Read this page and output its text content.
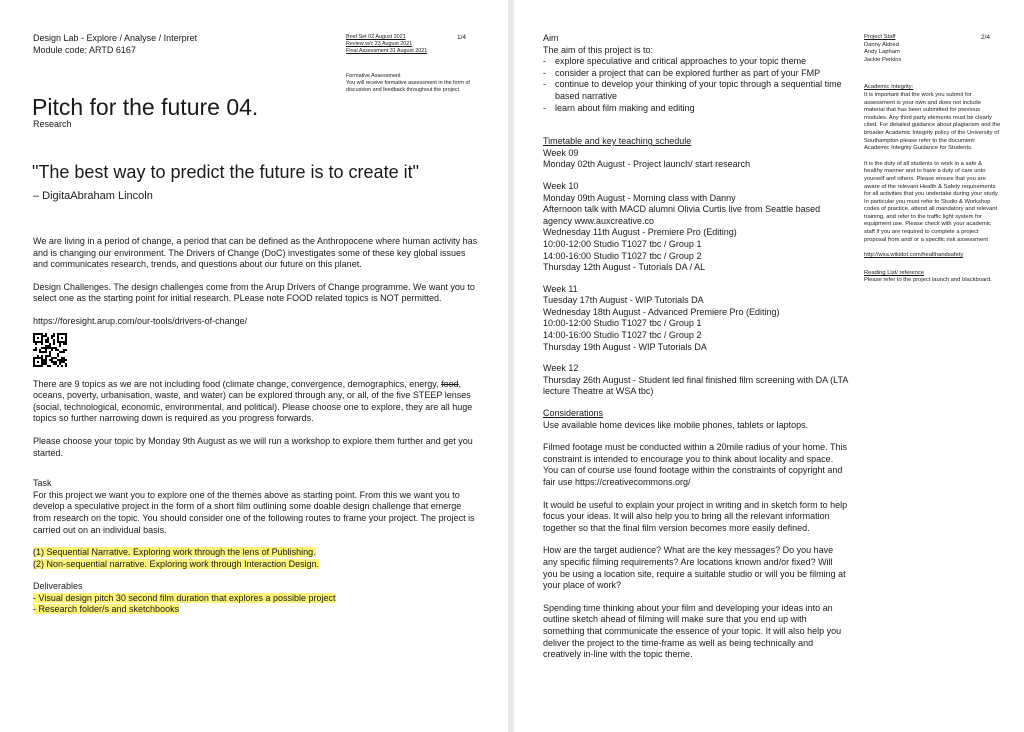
Design Lab - Explore / Analyse / Interpret

Module code: ARTD 6167

Brief Set 02 August 2021

Review w/c 23 August 2021

Final Assessment 31 August 2021

1/4

Formative Assessment

You will receive formative assessment in the form of discussion and feedback throughout the project.

Pitch for the future 04.
Research
"The best way to predict the future is to create it"
– DigitaAbraham Lincoln

We are living in a period of change, a period that can be defined as the Anthropocene where human activity has and is changing our environment. The Drivers of Change (DoC) investigates some of these key global issues and communicates research, trends, and questions about our future on this planet.

Design Challenges. The design challenges come from the Arup Drivers of Change programme. We want you to select one as the starting point for initial research. PLease note FOOD related topics is NOT permitted.

https://foresight.arup.com/our-tools/drivers-of-change/

There are 9 topics as we are not including food (climate change, convergence, demographics, energy, food, oceans, poverty, urbanisation, waste, and water) can be explored through any, or all, of the five STEEP lenses (social, technological, economic, environmental, and political). Please choose one to explore, they are all huge topics so further narrowing down is required as you progress forwards.

Please choose your topic by Monday 9th August as we will run a workshop to explore them further and get you started.

Task

For this project we want you to explore one of the themes above as starting point. From this we want you to develop a speculative project in the form of a short film outlining some doable design challenge that emerge from research on the topic. You should consider one of the following routes to frame your project. The project is carried out on an individual basis.

(1) Sequential Narrative. Exploring work through the lens of Publishing.

(2) Non-sequential narrative. Exploring work through Interaction Design.

Deliverables

- Visual design pitch 30 second film duration that explores a possible project

- Research folder/s and sketchbooks

Aim

The aim of this project is to:

- explore speculative and critical approaches to your topic theme
- consider a project that can be explored further as part of your FMP
- continue to develop your thinking of your topic through a sequential time based narrative
- learn about film making and editing

Timetable and key teaching schedule

Week 09

Monday 02th August - Project launch/ start research

Week 10

Monday 09th August - Morning class with Danny

Afternoon talk with MACD alumni Olivia Curtis live from Seattle based agency www.auxcreative.co

Wednesday 11th August - Premiere Pro (Editing)

10:00-12:00 Studio T1027 tbc / Group 1

14:00-16:00 Studio T1027 tbc / Group 2

Thursday 12th August - Tutorials DA / AL

Week 11

Tuesday 17th August - WIP Tutorials DA

Wednesday 18th August - Advanced Premiere Pro (Editing)

10:00-12:00 Studio T1027 tbc / Group 1

14:00-16:00 Studio T1027 tbc / Group 2

Thursday 19th August - WIP Tutorials DA

Week 12

Thursday 26th August - Student led final finished film screening with DA (LTA lecture Theatre at WSA tbc)

Considerations

Use available home devices like mobile phones, tablets or laptops.

Filmed footage must be conducted within a 20mile radius of your home. This constraint is intended to encourage you to think about locality and space. You can of course use found footage within the constraints of copyright and fair use https://creativecommons.org/

It would be useful to explain your project in writing and in sketch form to help focus your ideas. It will also help you to bring all the relevant information together so that the final film version becomes more easily defined.

How are the target audience? What are the key messages? Do you have any specific filming requirements? Are locations known and/or fixed? Will you be using a location site, require a suitable studio or will you be filming at your place of work?

Spending time thinking about your film and developing your ideas into an outline sketch ahead of filming will make sure that you end up with something that communicate the essence of your topic. It will also help you deliver the project to the time-frame as well as being technically and creatively in-line with the topic theme.

Project Staff

Danny Aldred

Andy Lapham

Jackie Perkins

Academic Integrity:

It is important that the work you submit for assessment is your own and does not include material that has been submitted for previous modules. Any third party elements must be clearly cited. For detailed guidance about plagiarism and the broader Academic Integrity policy of the University of Southampton please refer to the document: Academic Integrity Guidance for Students.

It is the duty of all students to work in a safe & healthy manner and to have a duty of care unto yourself and others. Please ensure that you are aware of the relevant Health & Safety requirements for all activities that you undertake during your study. In particular you must refer to Studio & Workshop codes of practice, attend all mandatory and relevant training, and refer to the traffic light system for equipment use. Please check with your academic staff if you are required to complete a project proposal from and/ or a specific risk assessment

http://wsa.wikidot.com/healthandsafety

Reading List/ reference

Please refer to the project launch and blackboard.

2/4
